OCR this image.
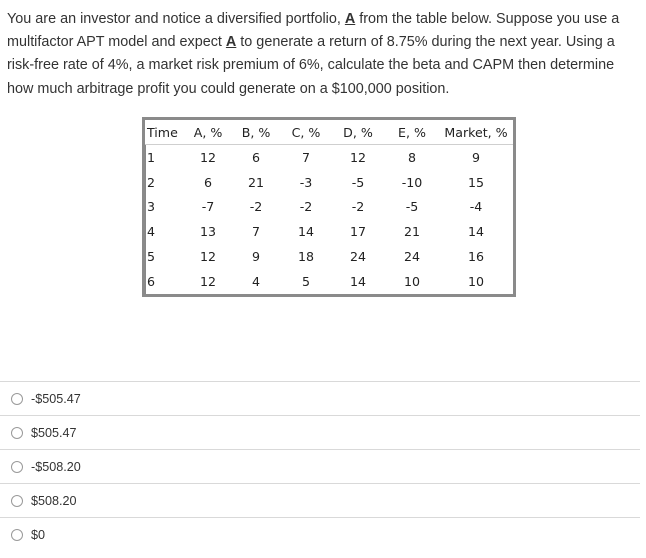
You are an investor and notice a diversified portfolio, A from the table below. Suppose you use a multifactor APT model and expect A to generate a return of 8.75% during the next year. Using a risk-free rate of 4%, a market risk premium of 6%, calculate the beta and CAPM then determine how much arbitrage profit you could generate on a $100,000 position.
Time	A, %	B, %	C, %	D, %	E, %	Market, %
1	12	6	7	12	8	9
2	6	21	-3	-5	-10	15
3	-7	-2	-2	-2	-5	-4
4	13	7	14	17	21	14
5	12	9	18	24	24	16
6	12	4	5	14	10	10
-$505.47
$505.47
-$508.20
$508.20
$0
